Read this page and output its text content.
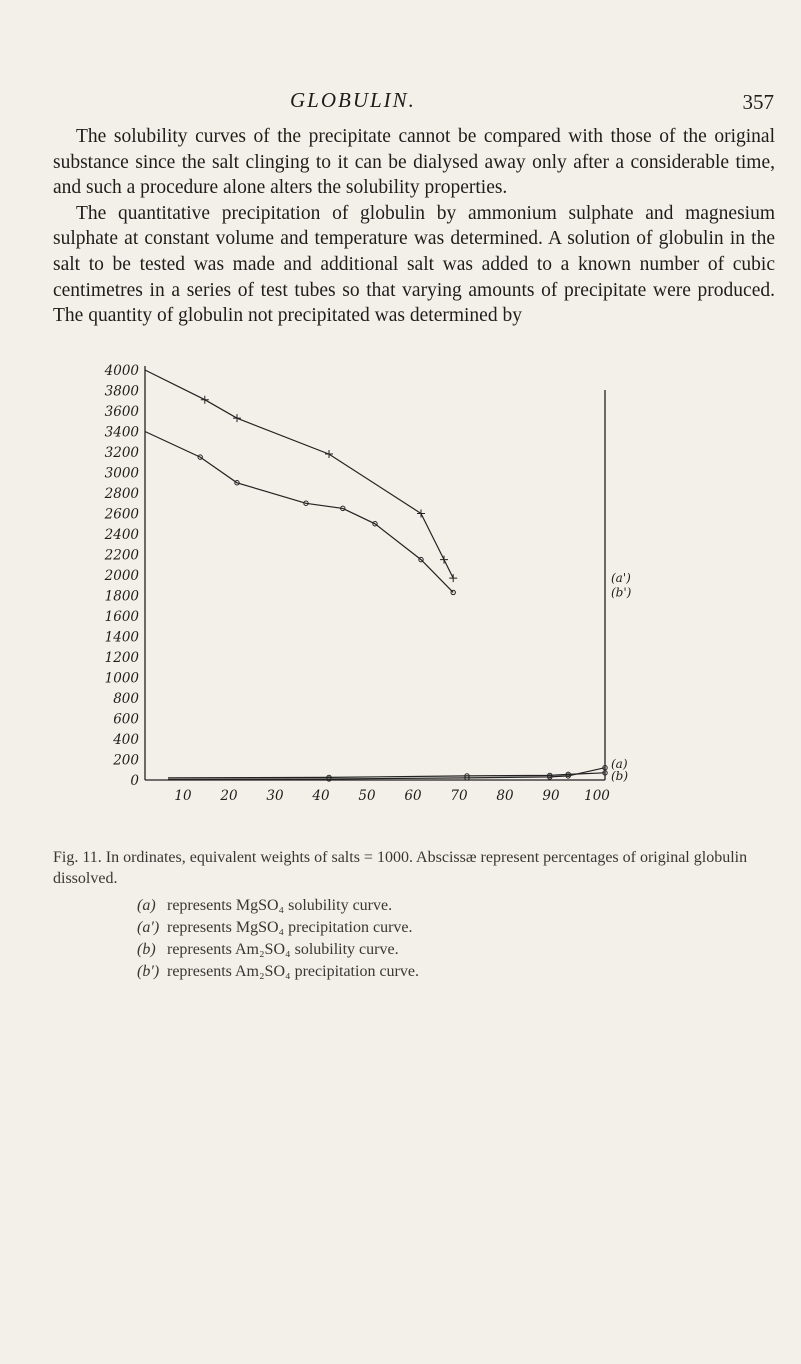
GLOBULIN.	357

The solubility curves of the precipitate cannot be compared with those of the original substance since the salt clinging to it can be dialysed away only after a considerable time, and such a procedure alone alters the solubility properties.

The quantitative precipitation of globulin by ammonium sulphate and magnesium sulphate at constant volume and temperature was determined. A solution of globulin in the salt to be tested was made and additional salt was added to a known number of cubic centimetres in a series of test tubes so that varying amounts of precipitate were produced. The quantity of globulin not precipitated was determined by

4000
3800
3600
3400
3200
3000
2800
2600
2400
2200
2000
1800
1600
1400
1200
1000
800
600
400
200
0
10 20 30 40 50 60 70 80 90 100
(a')
(b')
(a)
(b)
Fig. 11. In ordinates, equivalent weights of salts = 1000. Abscissæ represent percentages of original globulin dissolved.
(a) represents MgSO₄ solubility curve.
(a′) represents MgSO₄ precipitation curve.
(b) represents Am₂SO₄ solubility curve.
(b′) represents Am₂SO₄ precipitation curve.
